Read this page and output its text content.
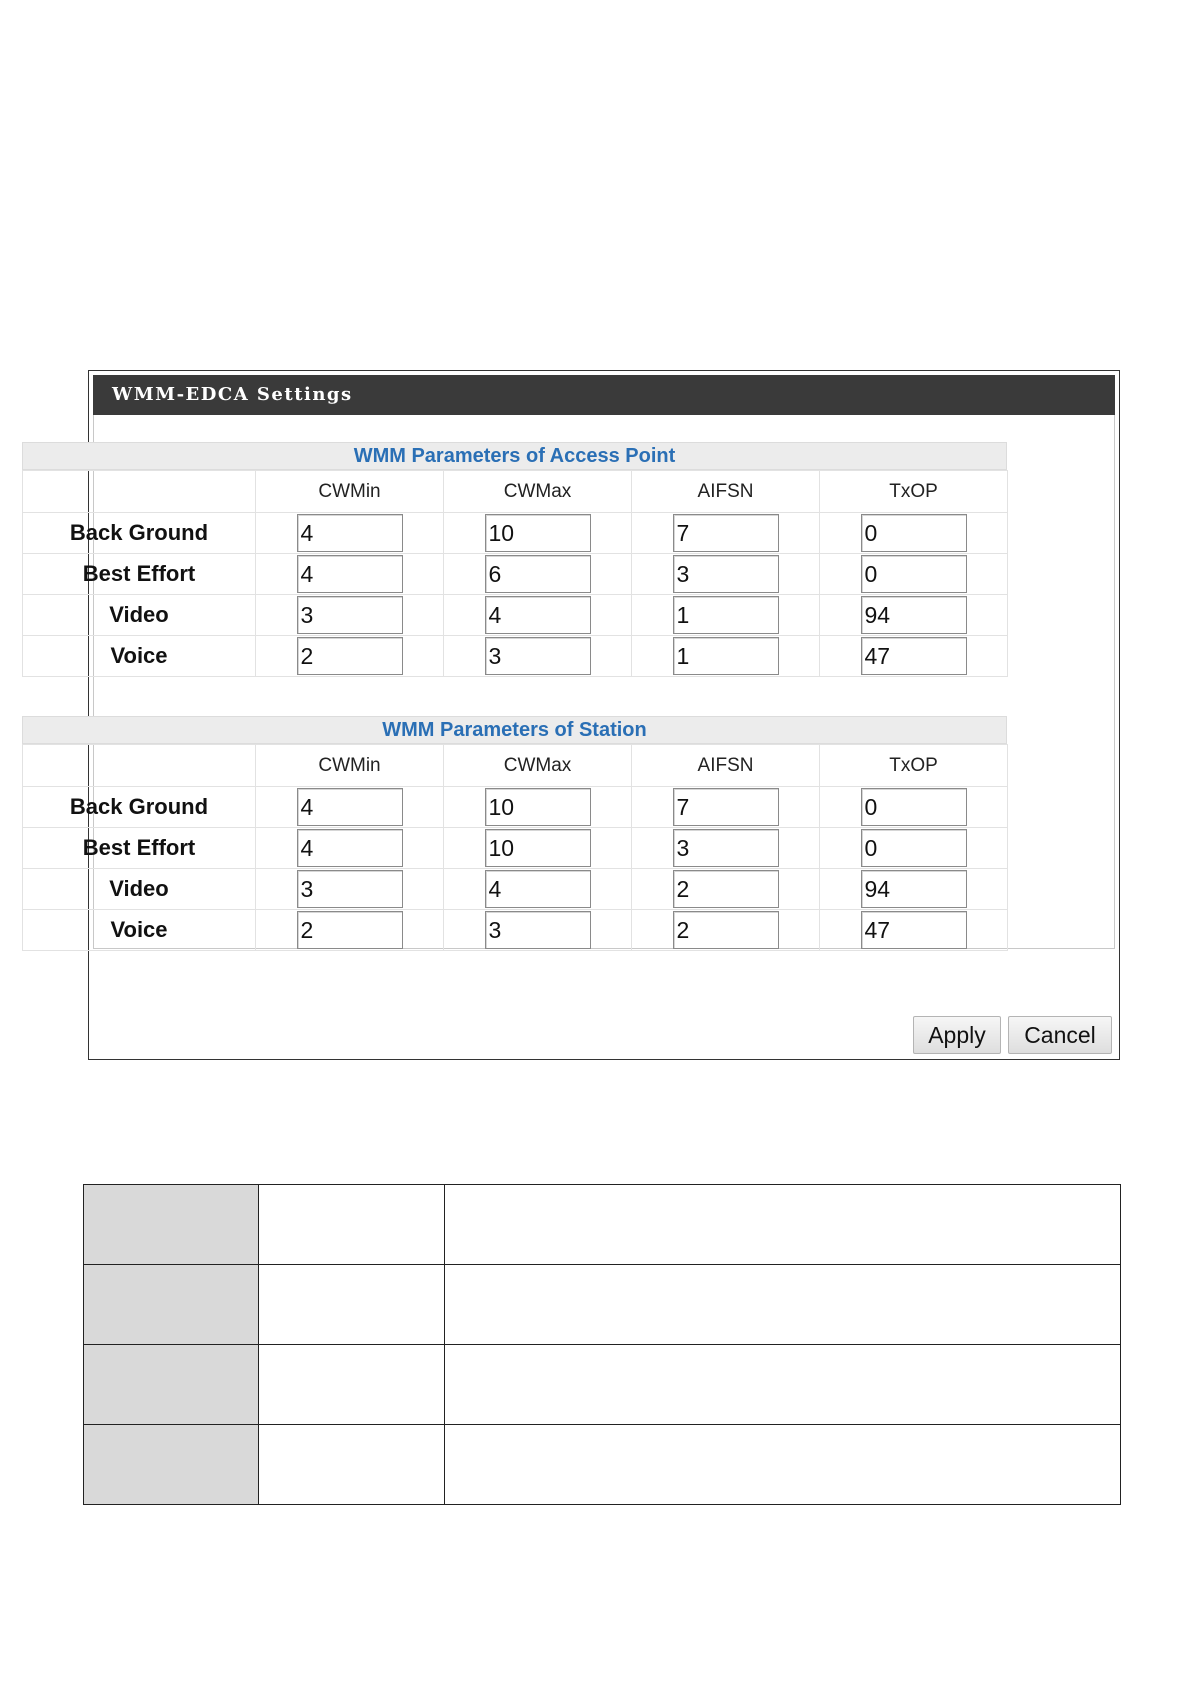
WMM-EDCA Settings
WMM Parameters of Access Point
	CWMin	CWMax	AIFSN	TxOP
Back Ground	4	10	7	0
Best Effort	4	6	3	0
Video	3	4	1	94
Voice	2	3	1	47
WMM Parameters of Station
	CWMin	CWMax	AIFSN	TxOP
Back Ground	4	10	7	0
Best Effort	4	10	3	0
Video	3	4	2	94
Voice	2	3	2	47
Apply	Cancel
